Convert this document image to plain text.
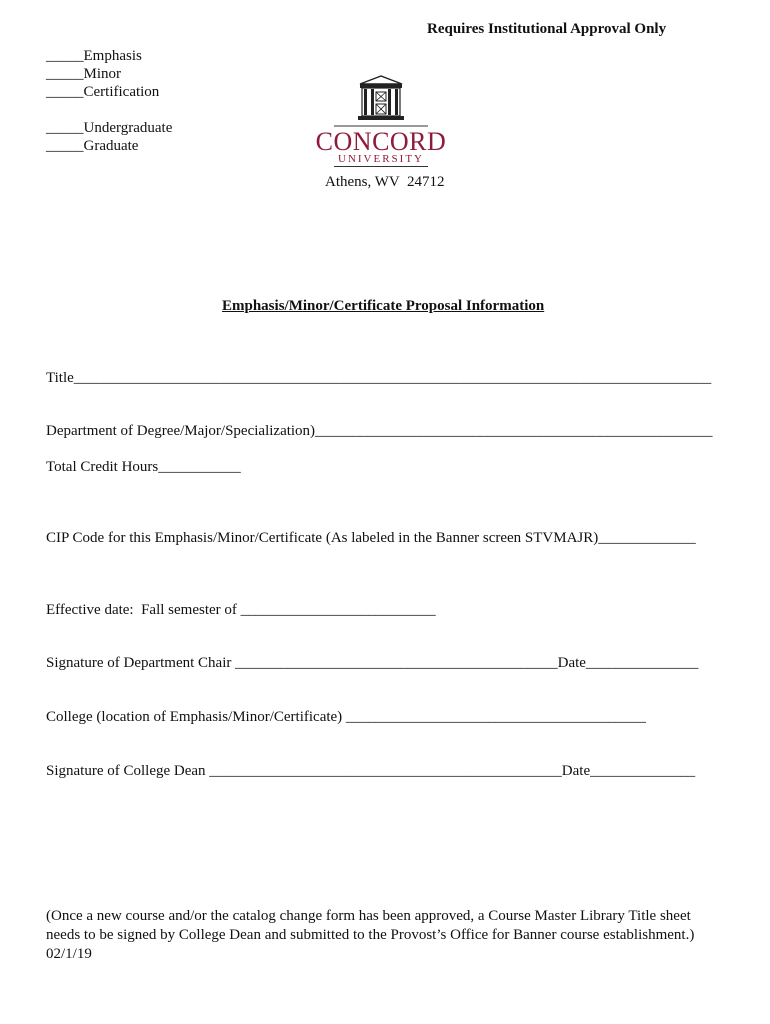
Requires Institutional Approval Only
_____Emphasis
_____Minor
_____Certification
_____Undergraduate
_____Graduate	CONCORD
UNIVERSITY
Athens, WV  24712
Emphasis/Minor/Certificate Proposal Information
Title_____________________________________________________________________________________
Department of Degree/Major/Specialization)_____________________________________________________
Total Credit Hours___________
CIP Code for this Emphasis/Minor/Certificate (As labeled in the Banner screen STVMAJR)_____________
Effective date:  Fall semester of __________________________
Signature of Department Chair ___________________________________________Date_______________
College (location of Emphasis/Minor/Certificate) ________________________________________
Signature of College Dean _______________________________________________Date______________
(Once a new course and/or the catalog change form has been approved, a Course Master Library Title sheet
needs to be signed by College Dean and submitted to the Provost’s Office for Banner course establishment.)
02/1/19
